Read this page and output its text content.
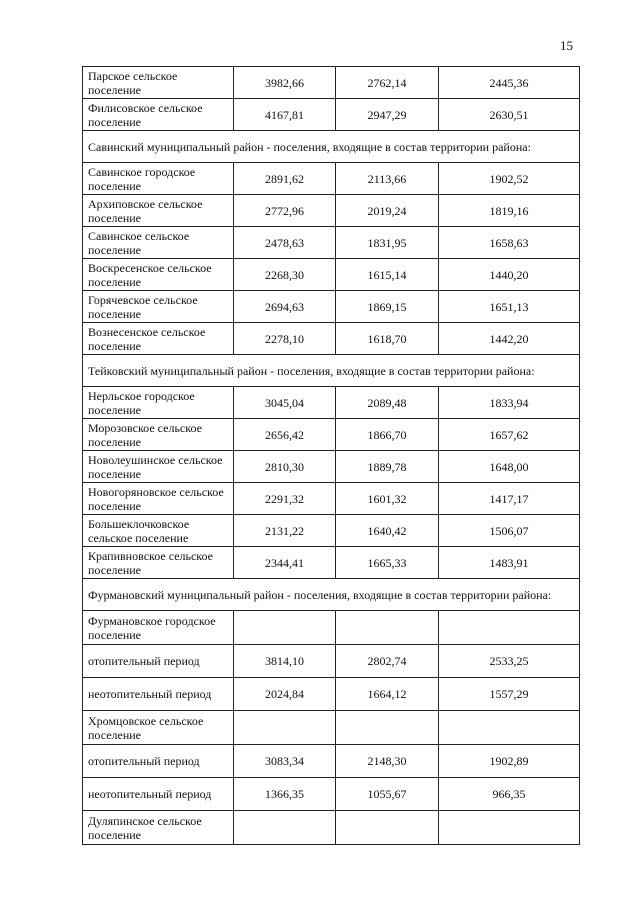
15
Парское сельское поселение	3982,66	2762,14	2445,36
Филисовское сельское поселение	4167,81	2947,29	2630,51
Савинский муниципальный район - поселения, входящие в состав территории района:			
Савинское городское поселение	2891,62	2113,66	1902,52
Архиповское сельское поселение	2772,96	2019,24	1819,16
Савинское сельское поселение	2478,63	1831,95	1658,63
Воскресенское сельское поселение	2268,30	1615,14	1440,20
Горячевское сельское поселение	2694,63	1869,15	1651,13
Вознесенское сельское поселение	2278,10	1618,70	1442,20
Тейковский муниципальный район - поселения, входящие в состав территории района:			
Нерльское городское поселение	3045,04	2089,48	1833,94
Морозовское сельское поселение	2656,42	1866,70	1657,62
Новолеушинское сельское поселение	2810,30	1889,78	1648,00
Новогоряновское сельское поселение	2291,32	1601,32	1417,17
Большеклочковское сельское поселение	2131,22	1640,42	1506,07
Крапивновское сельское поселение	2344,41	1665,33	1483,91
Фурмановский муниципальный район - поселения, входящие в состав территории района:			
Фурмановское городское поселение			
отопительный период	3814,10	2802,74	2533,25
неотопительный период	2024,84	1664,12	1557,29
Хромцовское сельское поселение			
отопительный период	3083,34	2148,30	1902,89
неотопительный период	1366,35	1055,67	966,35
Дуляпинское сельское поселение			
